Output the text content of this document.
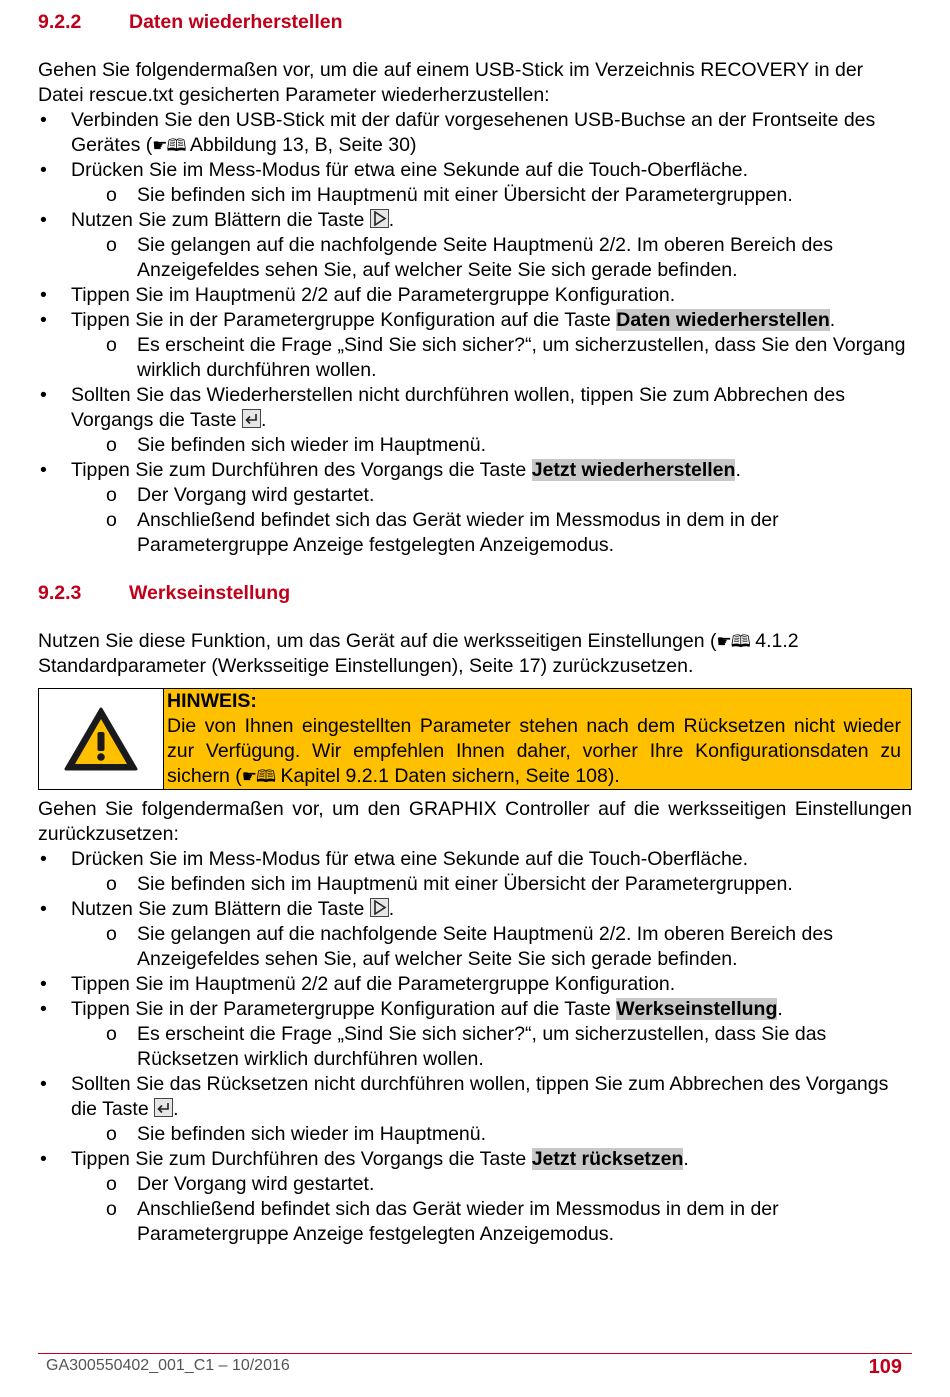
9.2.2	Daten wiederherstellen

Gehen Sie folgendermaßen vor, um die auf einem USB-Stick im Verzeichnis RECOVERY in der Datei rescue.txt gesicherten Parameter wiederherzustellen:

• Verbinden Sie den USB-Stick mit der dafür vorgesehenen USB-Buchse an der Frontseite des Gerätes (☛🕮 Abbildung 13, B, Seite 30)
• Drücken Sie im Mess-Modus für etwa eine Sekunde auf die Touch-Oberfläche.
o Sie befinden sich im Hauptmenü mit einer Übersicht der Parametergruppen.
• Nutzen Sie zum Blättern die Taste
.
o Sie gelangen auf die nachfolgende Seite Hauptmenü 2/2. Im oberen Bereich des Anzeigefeldes sehen Sie, auf welcher Seite Sie sich gerade befinden.
• Tippen Sie im Hauptmenü 2/2 auf die Parametergruppe Konfiguration.
• Tippen Sie in der Parametergruppe Konfiguration auf die Taste Daten wiederherstellen.
o Es erscheint die Frage „Sind Sie sich sicher?“, um sicherzustellen, dass Sie den Vorgang wirklich durchführen wollen.
• Sollten Sie das Wiederherstellen nicht durchführen wollen, tippen Sie zum Abbrechen des Vorgangs die Taste
.
o Sie befinden sich wieder im Hauptmenü.
• Tippen Sie zum Durchführen des Vorgangs die Taste Jetzt wiederherstellen.
o Der Vorgang wird gestartet.
o Anschließend befindet sich das Gerät wieder im Messmodus in dem in der Parametergruppe Anzeige festgelegten Anzeigemodus.
9.2.3	Werkseinstellung

Nutzen Sie diese Funktion, um das Gerät auf die werksseitigen Einstellungen (☛🕮 4.1.2 Standardparameter (Werksseitige Einstellungen), Seite 17) zurückzusetzen.

HINWEIS:
Die von Ihnen eingestellten Parameter stehen nach dem Rücksetzen nicht wieder zur Verfügung. Wir empfehlen Ihnen daher, vorher Ihre Konfigurationsdaten zu sichern (☛🕮 Kapitel 9.2.1 Daten sichern, Seite 108).

Gehen Sie folgendermaßen vor, um den GRAPHIX Controller auf die werksseitigen Einstellungen zurückzusetzen:

• Drücken Sie im Mess-Modus für etwa eine Sekunde auf die Touch-Oberfläche.
o Sie befinden sich im Hauptmenü mit einer Übersicht der Parametergruppen.
• Nutzen Sie zum Blättern die Taste
.
o Sie gelangen auf die nachfolgende Seite Hauptmenü 2/2. Im oberen Bereich des Anzeigefeldes sehen Sie, auf welcher Seite Sie sich gerade befinden.
• Tippen Sie im Hauptmenü 2/2 auf die Parametergruppe Konfiguration.
• Tippen Sie in der Parametergruppe Konfiguration auf die Taste Werkseinstellung.
o Es erscheint die Frage „Sind Sie sich sicher?“, um sicherzustellen, dass Sie das Rücksetzen wirklich durchführen wollen.
• Sollten Sie das Rücksetzen nicht durchführen wollen, tippen Sie zum Abbrechen des Vorgangs die Taste
.
o Sie befinden sich wieder im Hauptmenü.
• Tippen Sie zum Durchführen des Vorgangs die Taste Jetzt rücksetzen.
o Der Vorgang wird gestartet.
o Anschließend befindet sich das Gerät wieder im Messmodus in dem in der Parametergruppe Anzeige festgelegten Anzeigemodus.
GA300550402_001_C1 – 10/2016	109
